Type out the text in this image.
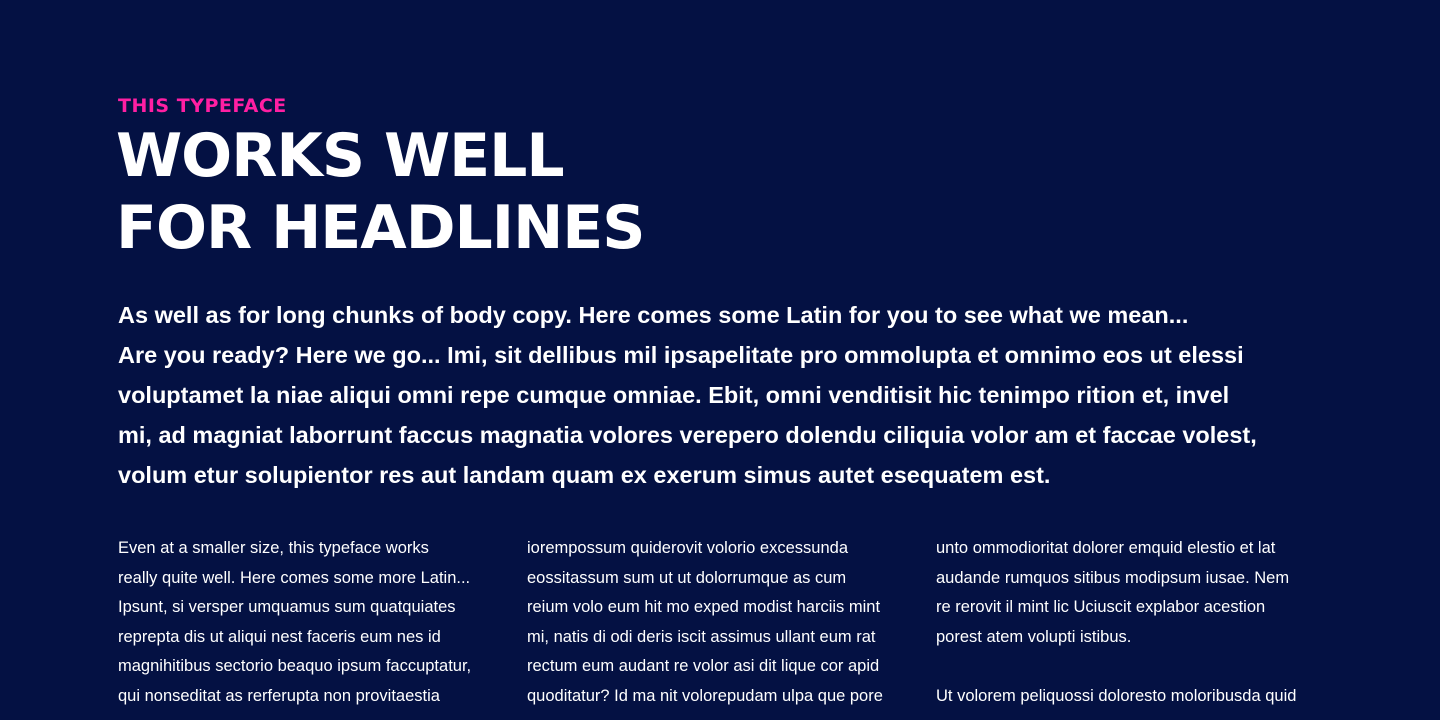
THIS TYPEFACE
WORKS WELL
FOR HEADLINES

As well as for long chunks of body copy. Here comes some Latin for you to see what we mean...
Are you ready? Here we go... Imi, sit dellibus mil ipsapelitate pro ommolupta et omnimo eos ut elessi
voluptamet la niae aliqui omni repe cumque omniae. Ebit, omni venditisit hic tenimpo rition et, invel
mi, ad magniat laborrunt faccus magnatia volores verepero dolendu ciliquia volor am et faccae volest,
volum etur solupientor res aut landam quam ex exerum simus autet esequatem est.

Even at a smaller size, this typeface works
really quite well. Here comes some more Latin...
Ipsunt, si versper umquamus sum quatquiates
reprepta dis ut aliqui nest faceris eum nes id
magnihitibus sectorio beaquo ipsum faccuptatur,
qui nonseditat as rerferupta non provitaestia
iorempossum quiderovit volorio excessunda
eossitassum sum ut ut dolorrumque as cum
reium volo eum hit mo exped modist harciis mint
mi, natis di odi deris iscit assimus ullant eum rat
rectum eum audant re volor asi dit lique cor apid
quoditatur? Id ma nit volorepudam ulpa que pore
unto ommodioritat dolorer emquid elestio et lat
audande rumquos sitibus modipsum iusae. Nem
re rerovit il mint lic Uciuscit explabor acestion
porest atem volupti istibus.
Ut volorem peliquossi doloresto moloribusda quid
